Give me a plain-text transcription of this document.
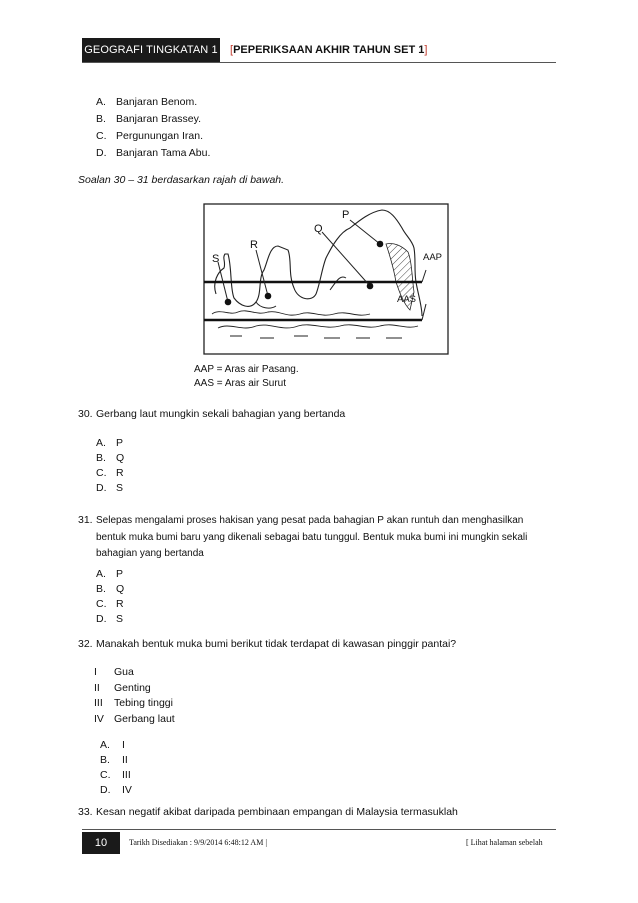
GEOGRAFI TINGKATAN 1 [PEPERIKSAAN AKHIR TAHUN SET 1]
A. Banjaran Benom.
B. Banjaran Brassey.
C. Pergunungan Iran.
D. Banjaran Tama Abu.
Soalan 30 – 31 berdasarkan rajah di bawah.
P
Q
R
S	AAP
AAS
AAP = Aras air Pasang.
AAS = Aras air Surut
30. Gerbang laut mungkin sekali bahagian yang bertanda
A. P
B. Q
C. R
D. S
31. Selepas mengalami proses hakisan yang pesat pada bahagian P akan runtuh dan menghasilkan
bentuk muka bumi baru yang dikenali sebagai batu tunggul. Bentuk muka bumi ini mungkin sekali
bahagian yang bertanda
A. P
B. Q
C. R
D. S
32. Manakah bentuk muka bumi berikut tidak terdapat di kawasan pinggir pantai?
I Gua
II Genting
III Tebing tinggi
IV Gerbang laut
A.	I
B.	II
C.	III
D.	IV
33. Kesan negatif akibat daripada pembinaan empangan di Malaysia termasuklah
10	Tarikh Disediakan : 9/9/2014 6:48:12 AM |	[ Lihat halaman sebelah
